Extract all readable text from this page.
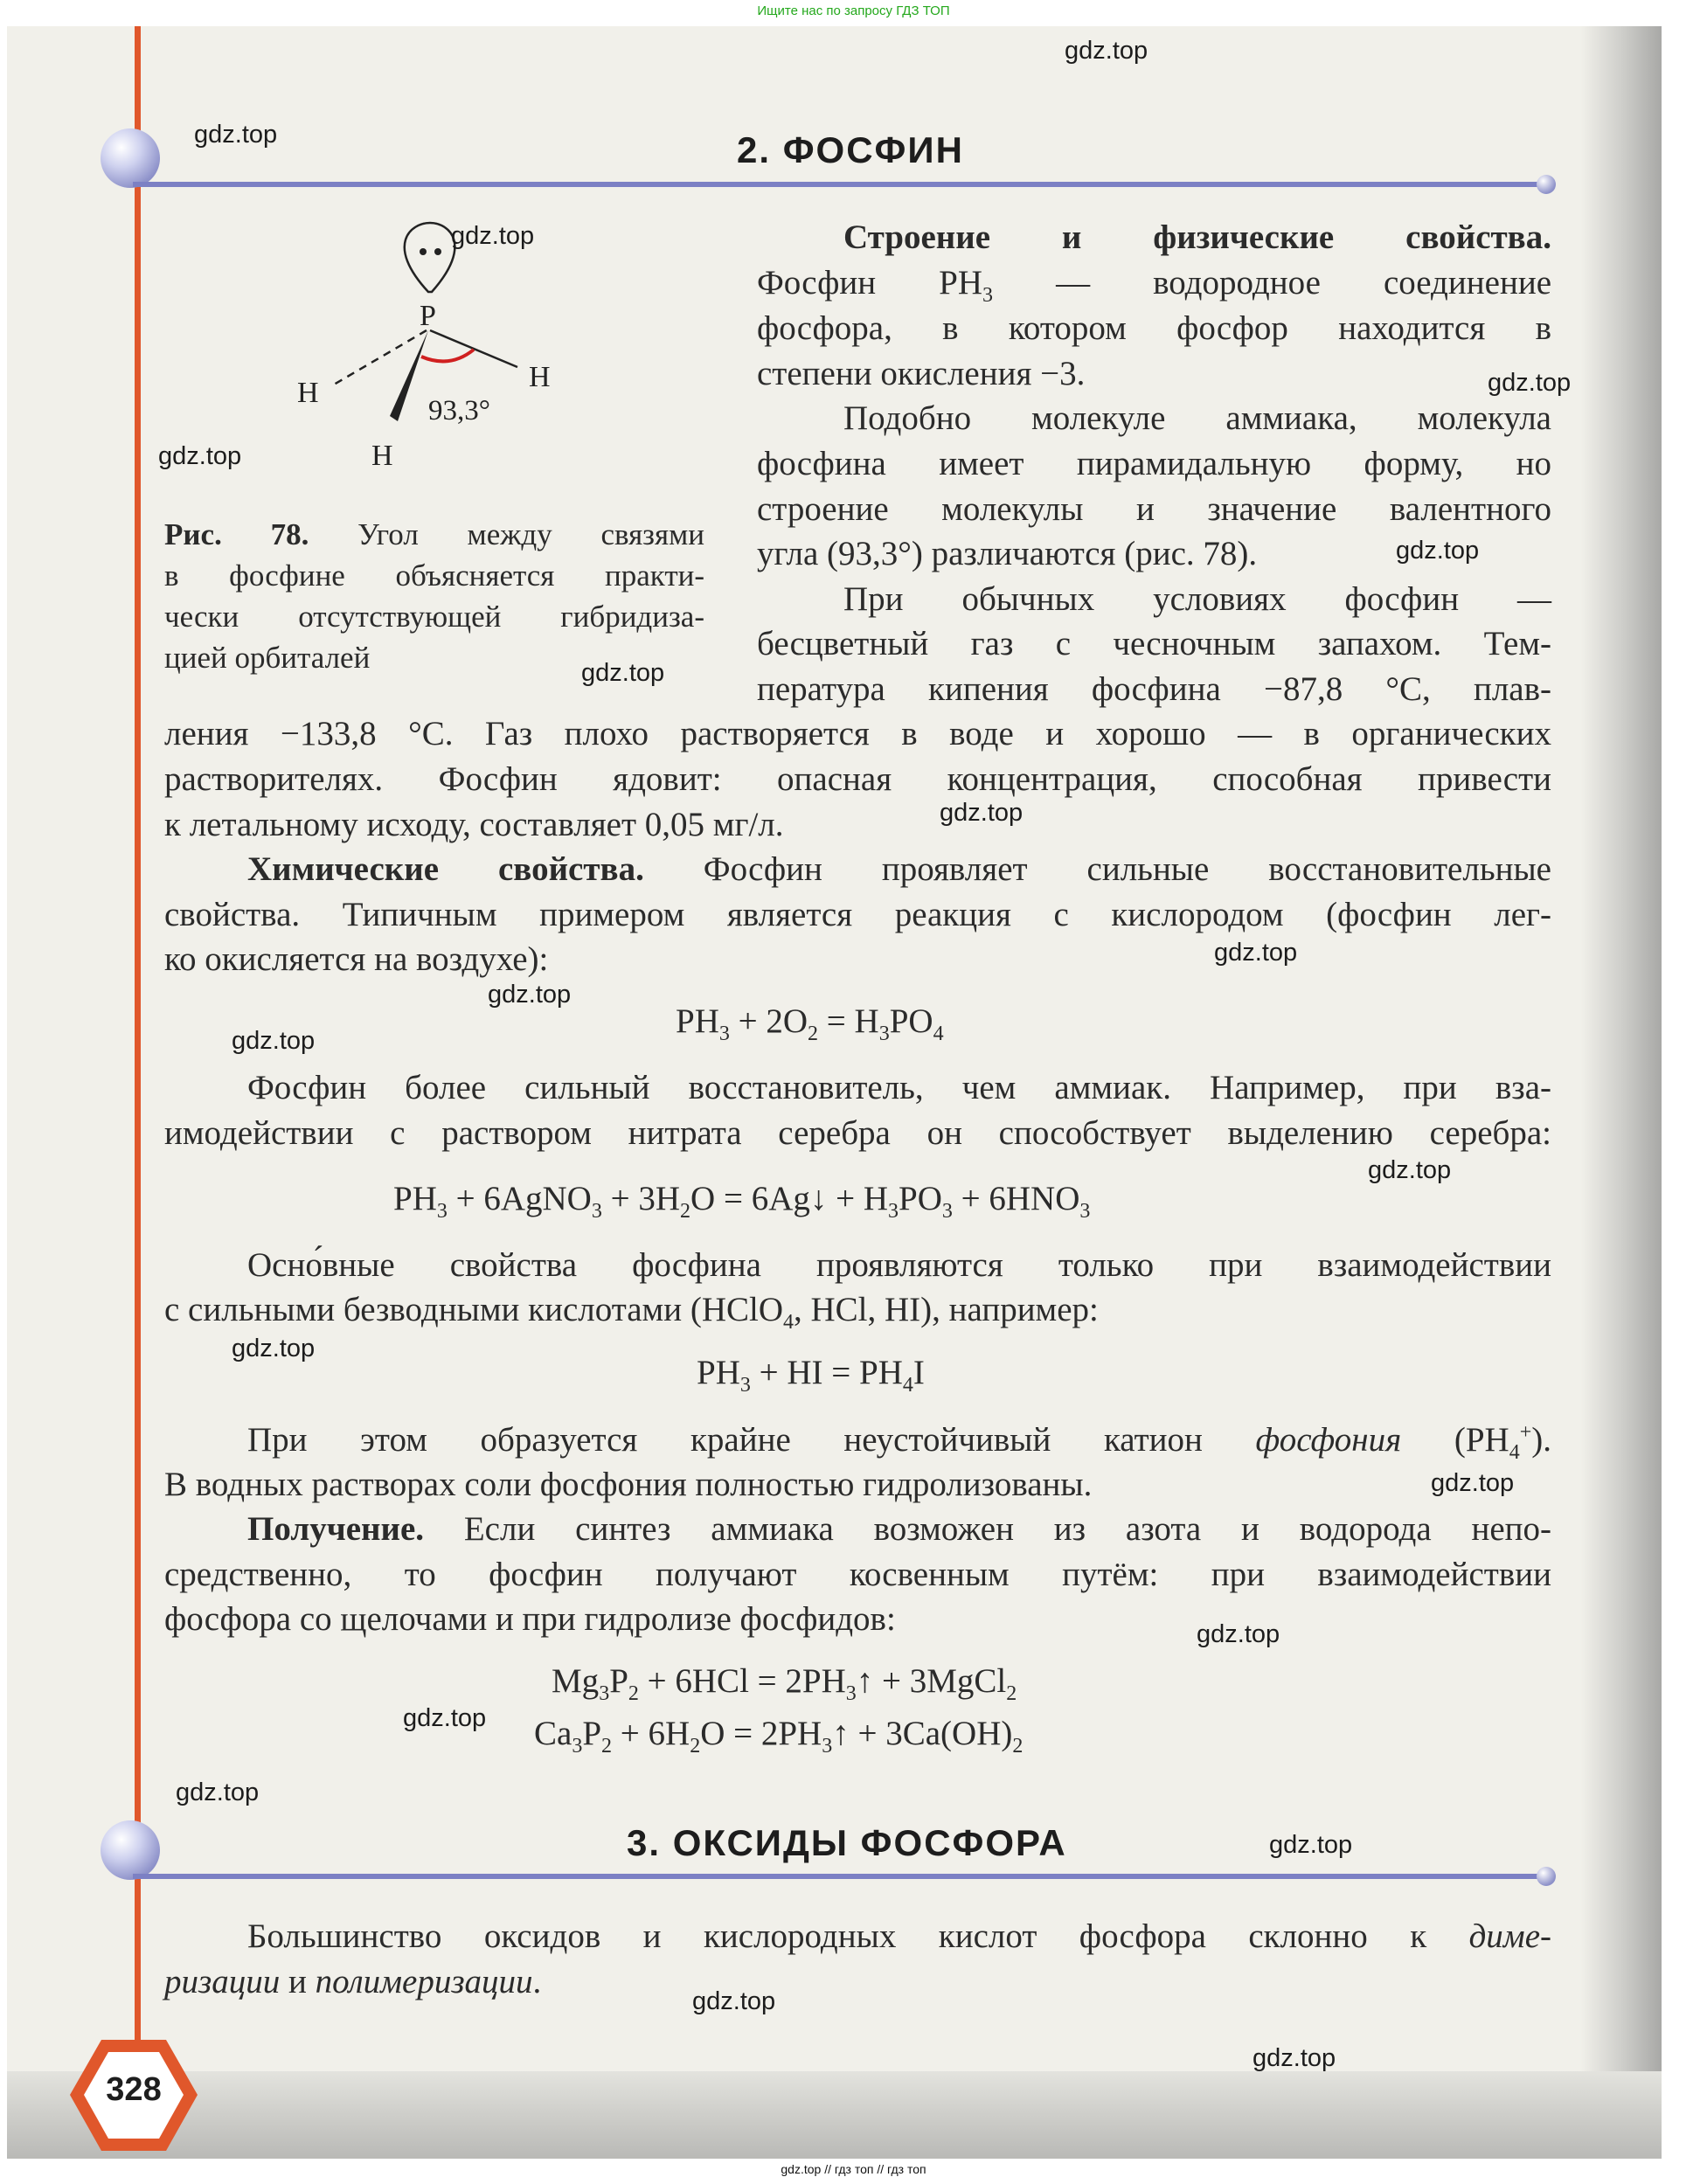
Ищите нас по запросу ГДЗ ТОП
2. ФОСФИН
P
H
H
H
93,3°
Рис. 78. Угол между связями
в фосфине объясняется практи-
чески отсутствующей гибридиза-
цией орбиталей
Строение и физические свойства.
Фосфин $PH_3$ — водородное соединение
фосфора, в котором фосфор находится в
степени окисления −3.
Подобно молекуле аммиака, молекула
фосфина имеет пирамидальную форму, но
строение молекулы и значение валентного
угла (93,3°) различаются (рис. 78).
При обычных условиях фосфин —
бесцветный газ с чесночным запахом. Тем-
пература кипения фосфина −87,8 °С, плав-
ления −133,8 °С. Газ плохо растворяется в воде и хорошо — в органических
растворителях. Фосфин ядовит: опасная концентрация, способная привести
к летальному исходу, составляет 0,05 мг/л.
Химические свойства. Фосфин проявляет сильные восстановительные
свойства. Типичным примером является реакция с кислородом (фосфин лег-
ко окисляется на воздухе):
$PH_3 + 2O_2 = H_3PO_4$
Фосфин более сильный восстановитель, чем аммиак. Например, при вза-
имодействии с раствором нитрата серебра он способствует выделению серебра:
$PH_3$ + 6AgNO$_3$ + $3H_2O$ = 6Ag↓ + $H_3PO_3 + 6HNO_3$
Осно́вные свойства фосфина проявляются только при взаимодействии
с сильными безводными кислотами (HClO$_4$, HCl, HI), например:
$PH_3$ + HI = $PH_4I$
При этом образуется крайне неустойчивый катион фосфония $(PH_4^+)$.
В водных растворах соли фосфония полностью гидролизованы.
Получение. Если синтез аммиака возможен из азота и водорода непо-
средственно, то фосфин получают косвенным путём: при взаимодействии
фосфора со щелочами и при гидролизе фосфидов:
$Mg_3P_2 + 6HCl$ = $2PH_3↑$ + 3MgCl$_2$
$Ca_3P_2 + 6H_2O$ = $2PH_3↑ + 3Ca(OH)_2$
3. ОКСИДЫ ФОСФОРА
Большинство оксидов и кислородных кислот фосфора склонно к диме-
ризации и полимеризации.
328
gdz.top
gdz.top
gdz.top
gdz.top
gdz.top
gdz.top
gdz.top
gdz.top
gdz.top
gdz.top
gdz.top
gdz.top
gdz.top
gdz.top
gdz.top
gdz.top
gdz.top
gdz.top
gdz.top
gdz.top
gdz.top // гдз топ // гдз топ
